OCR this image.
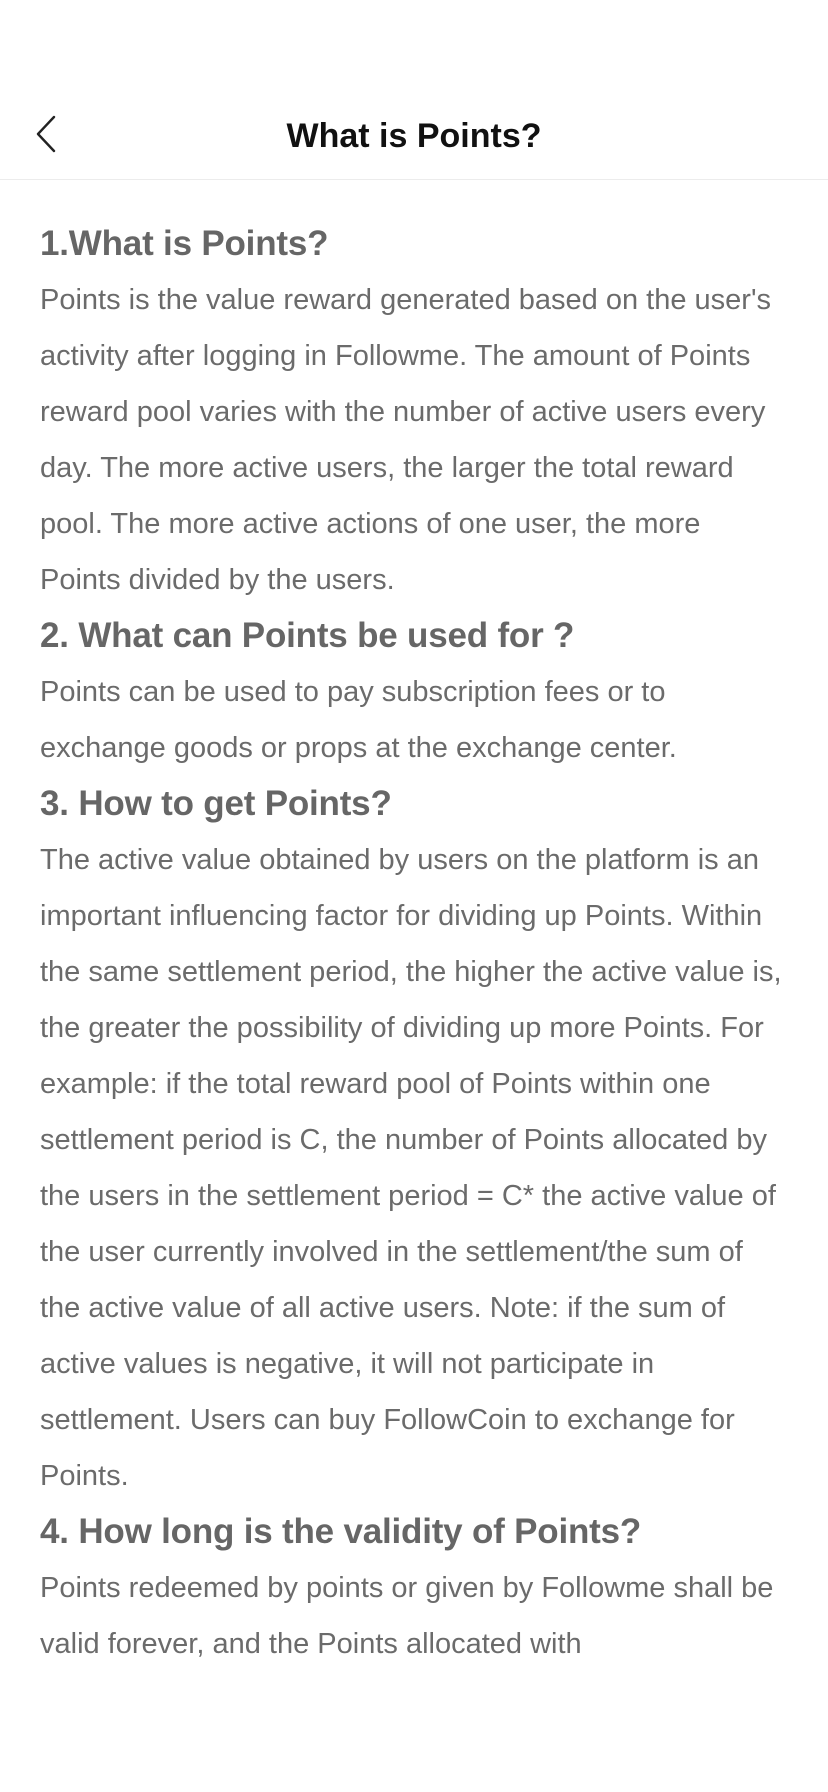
What is Points?
1.What is Points?

Points is the value reward generated based on the user's activity after logging in Followme. The amount of Points reward pool varies with the number of active users every day. The more active users, the larger the total reward pool. The more active actions of one user, the more Points divided by the users.

2. What can Points be used for ?

Points can be used to pay subscription fees or to exchange goods or props at the exchange center.

3. How to get Points?

The active value obtained by users on the platform is an important influencing factor for dividing up Points. Within the same settlement period, the higher the active value is, the greater the possibility of dividing up more Points. For example: if the total reward pool of Points within one settlement period is C, the number of Points allocated by the users in the settlement period = C* the active value of the user currently involved in the settlement/the sum of the active value of all active users. Note: if the sum of active values is negative, it will not participate in settlement. Users can buy FollowCoin to exchange for Points.

4. How long is the validity of Points?

Points redeemed by points or given by Followme shall be valid forever, and the Points allocated with
